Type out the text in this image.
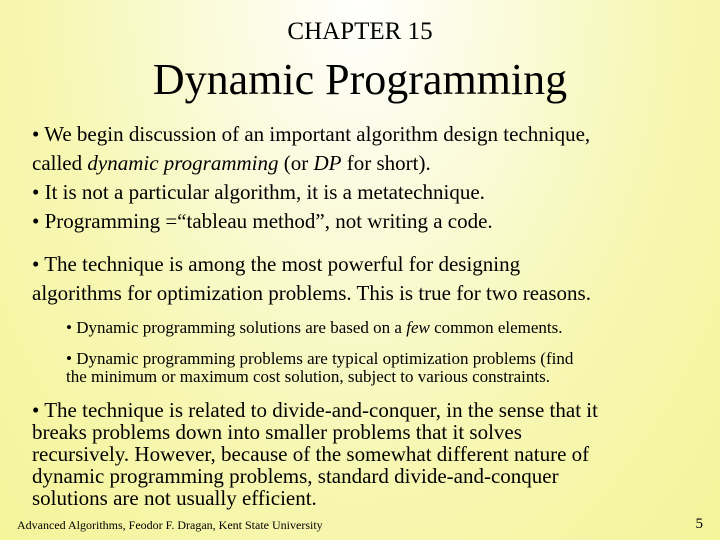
CHAPTER 15
Dynamic Programming
• We begin discussion of an important algorithm design technique,
called dynamic programming (or DP for short).
• It is not a particular algorithm, it is a metatechnique.
• Programming =“tableau method”, not writing a code.
• The technique is among the most powerful for designing
algorithms for optimization problems. This is true for two reasons.
• Dynamic programming solutions are based on a few common elements.
• Dynamic programming problems are typical optimization problems (find
the minimum or maximum cost solution, subject to various constraints.
• The technique is related to divide-and-conquer, in the sense that it
breaks problems down into smaller problems that it solves
recursively. However, because of the somewhat different nature of
dynamic programming problems, standard divide-and-conquer
solutions are not usually efficient.
Advanced Algorithms, Feodor F. Dragan, Kent State University	5
